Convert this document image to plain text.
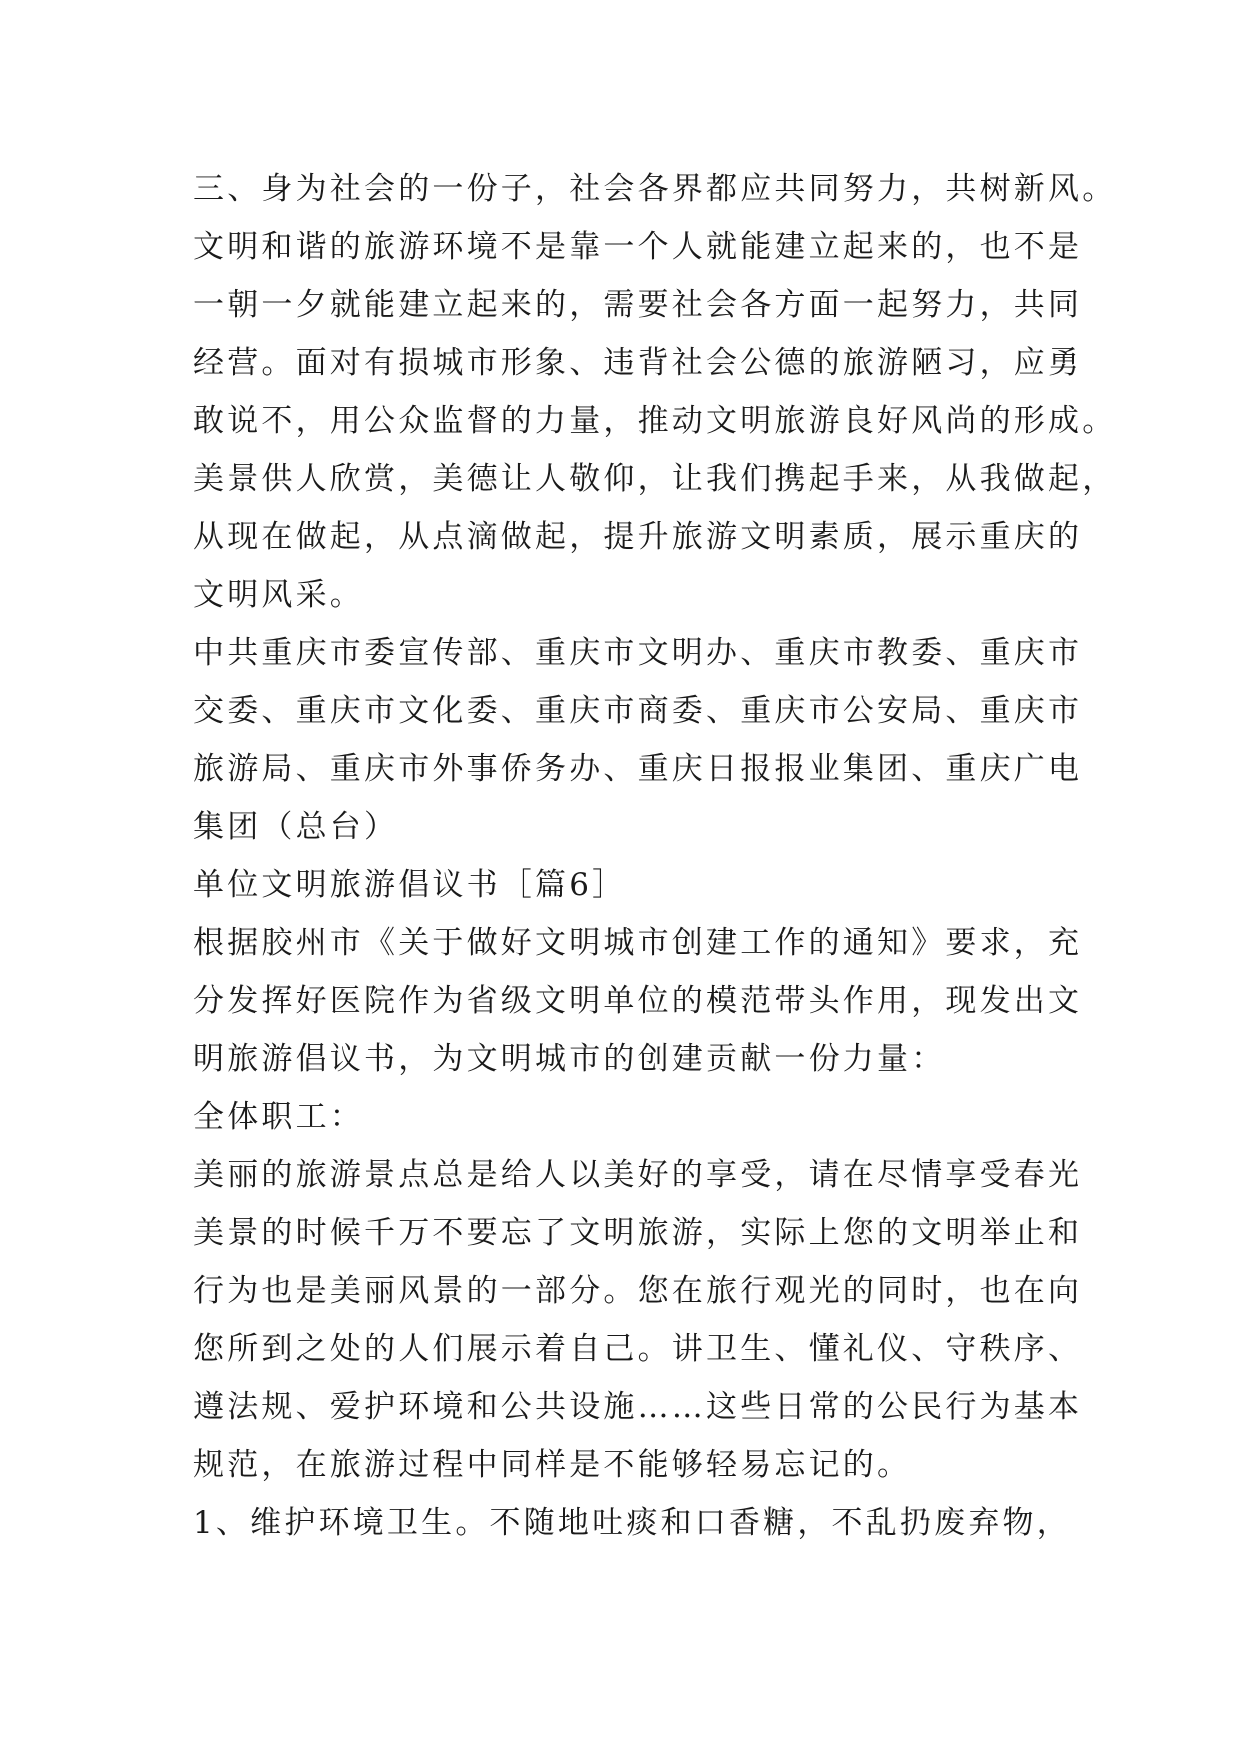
三、身为社会的一份子，社会各界都应共同努力，共树新风。
文明和谐的旅游环境不是靠一个人就能建立起来的，也不是
一朝一夕就能建立起来的，需要社会各方面一起努力，共同
经营。面对有损城市形象、违背社会公德的旅游陋习，应勇
敢说不，用公众监督的力量，推动文明旅游良好风尚的形成。
美景供人欣赏，美德让人敬仰，让我们携起手来，从我做起，
从现在做起，从点滴做起，提升旅游文明素质，展示重庆的
文明风采。
中共重庆市委宣传部、重庆市文明办、重庆市教委、重庆市
交委、重庆市文化委、重庆市商委、重庆市公安局、重庆市
旅游局、重庆市外事侨务办、重庆日报报业集团、重庆广电
集团（总台）
单位文明旅游倡议书［篇6］
根据胶州市《关于做好文明城市创建工作的通知》要求，充
分发挥好医院作为省级文明单位的模范带头作用，现发出文
明旅游倡议书，为文明城市的创建贡献一份力量：
全体职工：
美丽的旅游景点总是给人以美好的享受，请在尽情享受春光
美景的时候千万不要忘了文明旅游，实际上您的文明举止和
行为也是美丽风景的一部分。您在旅行观光的同时，也在向
您所到之处的人们展示着自己。讲卫生、懂礼仪、守秩序、
遵法规、爱护环境和公共设施……这些日常的公民行为基本
规范，在旅游过程中同样是不能够轻易忘记的。
1、维护环境卫生。不随地吐痰和口香糖，不乱扔废弃物，
